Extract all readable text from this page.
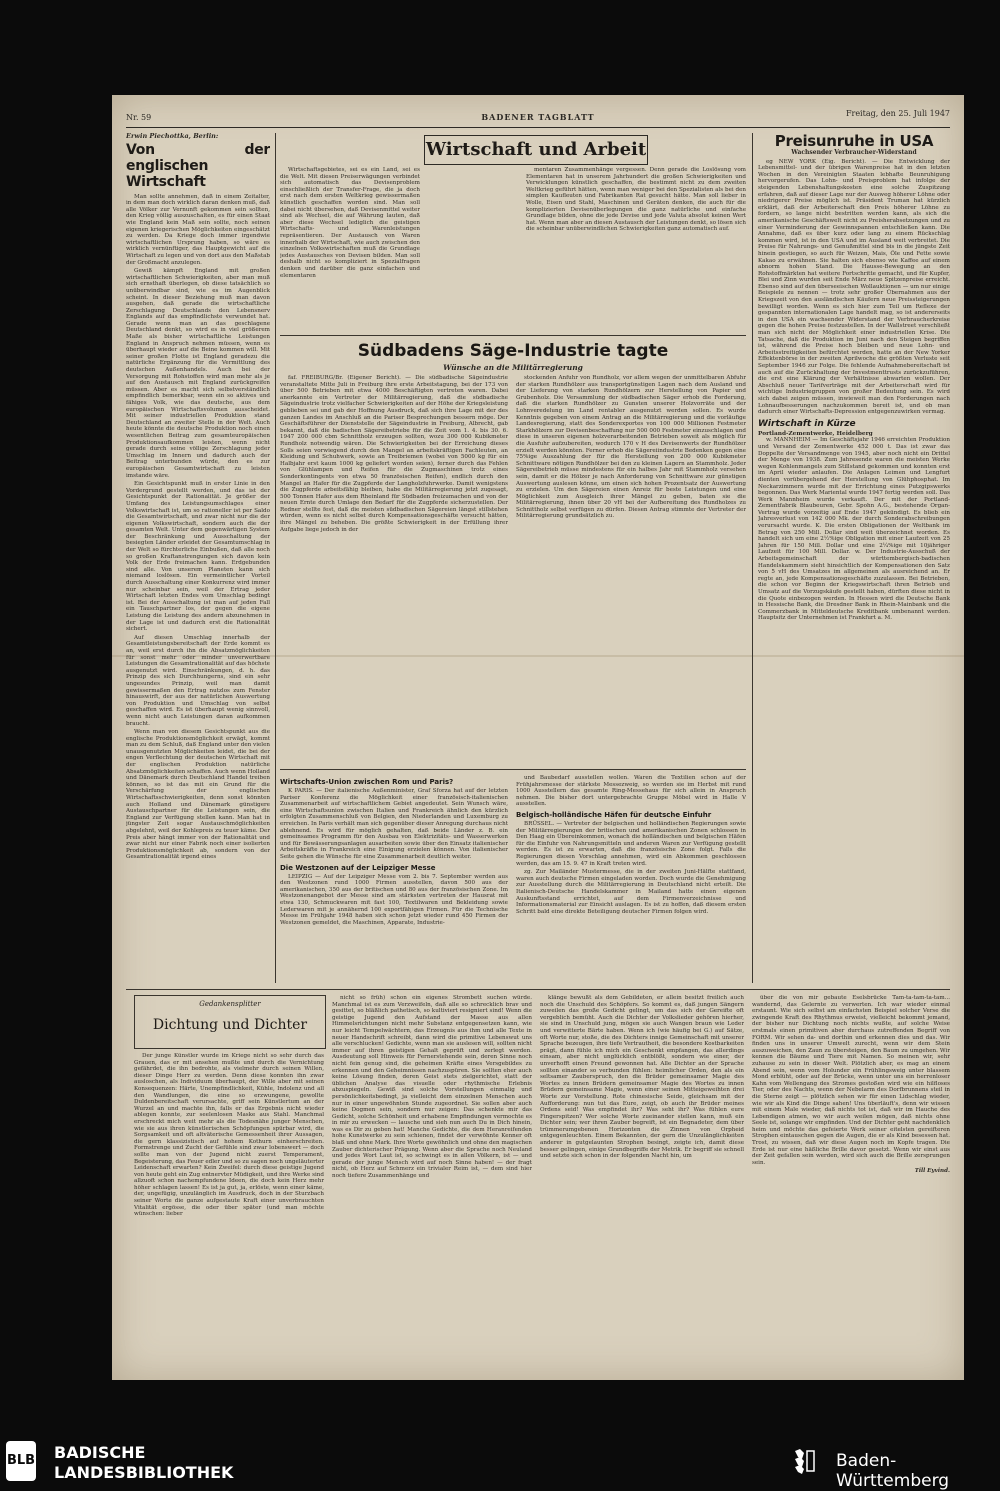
Nr. 59	BADENER TAGBLATT	Freitag, den 25. Juli 1947
Erwin Piechottka, Berlin:
Von der englischen Wirtschaft

Man sollte annehmen, daß in einem Zeitalter, in dem man doch wirklich daran denken muß, daß alle Völker zur Vernunft gekommen sein sollten, den Krieg völlig auszuschalten, es für einen Staat wie England kein Maß sein sollte, noch seinen eigenen kriegerischen Möglichkeiten eingeschätzt zu werden. Da Kriege doch immer irgendwie wirtschaftlichen Ursprung haben, so wäre es wirklich vernünftiger, das Hauptgewicht auf die Wirtschaft zu legen und von dort aus den Maßstab der Großmacht anzulegen.

Gewiß kämpft England mit großen wirtschaftlichen Schwierigkeiten, aber man muß sich ernsthaft überlegen, ob diese tatsächlich so unüberwindbar sind, wie es im Augenblick scheint. In dieser Beziehung muß man davon ausgehen, daß gerade die wirtschaftliche Zerschlagung Deutschlands den Lebensnerv Englands auf das empfindlichste verwundet hat. Gerade wenn man an das geschlagene Deutschland denkt, so wird es in viel größerem Maße als bisher wirtschaftliche Leistungen England in Anspruch nehmen müssen, wenn es überhaupt wieder auf die Beine kommen will. Mit seiner großen Flotte ist England geradezu die natürliche Ergänzung für die Vermittlung des deutschen Außenhandels. Auch bei der Versorgung mit Rohstoffen wird man mehr als je auf den Austausch mit England zurückgreifen müssen. Aber es macht sich selbstverständlich empfindlich bemerkbar, wenn ein so aktives und fähiges Volk, wie das deutsche, aus dem europäischen Wirtschaftsvolumen ausscheidet. Mit seiner industriellen Produktion stand Deutschland an zweiter Stelle in der Welt. Auch heute könnte die deutsche Produktion noch einen wesentlichen Beitrag zum gesamteuropäischen Produktionsaufkommen leisten, wenn nicht gerade durch seine völlige Zerschlagung jeder Umschlag im Innern und dadurch auch der Beitrag unterbunden würde, den es zur europäischen Gesamtwirtschaft zu leisten imstande wäre.

Ein Gesichtspunkt muß in erster Linie in den Vordergrund gestellt werden, und das ist der Gesichtspunkt der Rationalität. Je größer der Umfang des Leistungsumschlages einer Volkswirtschaft ist, um so rationeller ist per Saldo die Gesamtwirtschaft, und zwar nicht nur die der eigenen Volkswirtschaft, sondern auch die der gesamten Welt. Unter dem gegenwärtigen System der Beschränkung und Ausschaltung der besiegten Länder erleidet der Gesamtumschlag in der Welt so fürchterliche Einbußen, daß alle noch so großen Kraftanstrengungen sich davon kein Volk der Erde freimachen kann. Erdgebunden sind alle. Von unserem Planeten kann sich niemand loslösen. Ein vermeintlicher Vorteil durch Ausschaltung einer Konkurrenz wird immer nur scheinbar sein, weil der Ertrag jeder Wirtschaft letzten Endes vom Umschlag bedingt ist. Bei der Ausschaltung ist man auf jeden Fall ein Tauschpartner los, der gegen die eigene Leistung die Leistung des andern abzunehmen in der Lage ist und dadurch erst die Rationalität sichert.

Auf diesen Umschlag innerhalb der Gesamtleistungsbereitschaft der Erde kommt es an, weil erst durch ihn die Absatzmöglichkeiten für sonst mehr oder minder unverwertbare Leistungen die Gesamtrationalität auf das höchste ausgenutzt wird. Einschränkungen, d. h. das Prinzip des sich Durchhungerns, sind ein sehr ungesundes Prinzip, weil man damit gewissermaßen den Ertrag nutzlos zum Fenster hinauswirft, der aus der natürlichen Auswertung von Produktion und Umschlag von selbst geschaffen wird. Es ist überhaupt wenig sinnvoll, wenn nicht auch Leistungen daran aufkommen braucht.

Wenn man von diesem Gesichtspunkt aus die englische Produktionsmöglichkeit erwägt, kommt man zu dem Schluß, daß England unter den vielen unausgenutzten Möglichkeiten leidet, die bei der engen Verflechtung der deutschen Wirtschaft mit der englischen Produktion natürliche Absatzmöglichkeiten schaffen. Auch wenn Holland und Dänemark durch Deutschland Handel treiben können, so ist das mit ein Grund für die Verschärfung der englischen Wirtschaftsschwierigkeiten, denn sonst könnten auch Holland und Dänemark günstigere Austauschpartner für die Leistungen sein, die England zur Verfügung stellen kann. Man hat in jüngster Zeit sogar Austauschmöglichkeiten abgelehnt, weil der Kohlepreis zu teuer käme. Der Preis aber hängt immer von der Rationalität und zwar nicht nur einer Fabrik noch einer isolierten Produktionsmöglichkeit ab, sondern von der Gesamtrationalität irgend eines

Wirtschaft und Arbeit

Wirtschaftsgebietes, sei es ein Land, sei es die Welt. Mit diesen Preiserwägungen verbindet sich automatisch das Devisenproblem einschließlich der Transfer-Frage, die ja doch erst nach dem ersten Weltkrieg gewissermaßen künstlich geschaffen worden sind. Man soll dabei nicht übersehen, daß Devisenmittel weiter sind als Wechsel, die auf Währung lauten, daß aber diese Wechsel lediglich die geistigen Wirtschafts- und Warenleistungen repräsentieren. Der Austausch von Waren innerhalb der Wirtschaft, wie auch zwischen den einzelnen Volkswirtschaften muß die Grundlage jedes Austausches von Devisen bilden. Man soll deshalb nicht so kompliziert in Spezialfragen denken und darüber die ganz einfachen und elementaren

mentaren Zusammenhänge vergessen. Denn gerade die Loslösung vom Elementaren hat in unserem Jahrhundert die großen Schwierigkeiten und Verwicklungen künstlich geschaffen, die bestimmt nicht zu dem zweiten Weltkrieg geführt hätten, wenn man weniger bei den Spezialisten als bei den simplen Kaufleuten und Fabrikanten Rat gesucht hätte. Man soll lieber in Wolle, Eisen und Stahl, Maschinen und Geräten denken, die auch für die komplizierten Devisenüberlegungen die ganz natürliche und einfache Grundlage bilden, ohne die jede Devise und jede Valuta absolut keinen Wert hat. Wenn man aber an diesen Austausch der Leistungen denkt, so lösen sich die scheinbar unüberwindlichen Schwierigkeiten ganz automatisch auf.

Südbadens Säge-Industrie tagte
Wünsche an die Militärregierung

faf. FREIBURG/Br. (Eigener Bericht). — Die südbadische Sägeindustrie veranstaltete Mitte Juli in Freiburg ihre erste Arbeitstagung, bei der 173 von über 500 Betrieben mit etwa 4000 Beschäftigten vertreten waren. Dabei anerkannte ein Vertreter der Militärregierung, daß die südbadische Sägeindustrie trotz vielfacher Schwierigkeiten auf der Höhe der Kriegsleistung geblieben sei und gab der Hoffnung Ausdruck, daß sich ihre Lage mit der des ganzen Landes im Anschluß an die Pariser Besprechungen bessern möge. Der Geschäftsführer der Dienststelle der Sägeindustrie in Freiburg, Albrecht, gab bekannt, daß die badischen Sägereibetriebe für die Zeit vom 1. 4. bis 30. 6. 1947 200 000 cbm Schnittholz erzeugen sollten, wozu 300 000 Kubikmeter Rundholz notwendig wären. Die Schwierigkeiten bei der Erreichung dieses Solls seien vorwiegend durch den Mangel an arbeitskräftigen Fachleuten, an Kleidung und Schuhwerk, sowie an Treibriemen (wobei von 5000 kg für ein Halbjahr erst kaum 1000 kg geliefert worden seien), ferner durch das Fehlen von Glühlampen und Reifen für die Zugmaschinen trotz eines Sonderkontingents von etwa 50 französischen Reifen), endlich durch den Mangel an Hafer für die Zugpferde der Langholzfuhrwerke. Damit wenigstens die Zugpferde arbeitsfähig bleiben, habe die Militärregierung jetzt zugesagt, 500 Tonnen Hafer aus dem Rheinland für Südbaden freizumachen und von der neuen Ernte durch Umlage den Bedarf für die Zugpferde sicherzustellen. Der Redner stellte fest, daß die meisten südbadischen Sägereien längst stillstehen würden, wenn es nicht selbst durch Kompensationsgeschäfte versucht hätten, ihre Mängel zu beheben. Die größte Schwierigkeit in der Erfüllung ihrer Aufgabe liege jedoch in der

stockenden Anfuhr von Rundholz, vor allem wegen der unmittelbaren Abfuhr der starken Rundhölzer aus transportgünstigen Lagen nach dem Ausland und der Lieferung von starken Rundhölzern zur Herstellung von Papier und Grubenholz. Die Versammlung der südbadischen Säger erhob die Forderung, daß die starken Rundhölzer zu Gunsten unserer Holzvorräte und der Lohnveredelung im Land rentabler ausgenutzt werden sollen. Es wurde Kenntnis gegeben von einem Antrag an die Militärregierung und die vorläufige Landesregierung, statt des Sonderexportes von 100 000 Millionen Festmeter Starkhölzern zur Devisenbeschaffung nur 500 000 Festmeter einzuschlagen und diese in unseren eigenen holzverarbeitenden Betrieben soweit als möglich für die Ausfuhr aufzubereiten, wodurch 170 v H des Devisenwerts der Rundhölzer erzielt werden könnten. Ferner erhob die Sägereiindustrie Bedenken gegen eine 75%ige Auszahlung der für die Herstellung von 200 000 Kubikmeter Schnittware nötigen Rundhölzer bei den zu kleinen Lagern an Stammholz. Jeder Sägereibetrieb müsse mindestens für ein halbes Jahr mit Stammholz versehen sein, damit er die Hölzer je nach Anforderung von Schnittware zur günstigen Auswertung auslesen könne, um einen sich hohen Prozentsatz der Auswertung zu erzielen. Um den Sägereien einen Anreiz für beste Leistungen und eine Möglichkeit zum Ausgleich ihrer Mängel zu geben, baten sie die Militärregierung, ihnen über 20 vH bei der Aufbereitung des Rundholzes zu Schnittholz selbst verfügen zu dürfen. Diesen Antrag stimmte der Vertreter der Militärregierung grundsätzlich zu.

Wirtschafts-Union zwischen Rom und Paris?

K PARIS. — Der italienische Außenminister, Graf Sforza hat auf der letzten Pariser Konferenz die Möglichkeit einer französisch-italienischen Zusammenarbeit auf wirtschaftlichem Gebiet angedeutet. Sein Wunsch wäre, eine Wirtschaftsunion zwischen Italien und Frankreich ähnlich den kürzlich erfolgten Zusammenschluß von Belgien, den Niederlanden und Luxemburg zu erreichen. In Paris verhält man sich gegenüber dieser Anregung durchaus nicht ablehnend. Es wird für möglich gehalten, daß beide Länder z. B. ein gemeinsames Programm für den Ausbau von Elektrizitäts- und Wasserwerken und für Bewässerungsanlagen ausarbeiten sowie über den Einsatz italienischer Arbeitskräfte in Frankreich eine Einigung erzielen können. Von italienischer Seite gehen die Wünsche für eine Zusammenarbeit deutlich weiter.

Die Westzonen auf der Leipziger Messe

LEIPZIG — Auf der Leipziger Messe vom 2. bis 7. September werden aus den Westzonen rund 1000 Firmen ausstellen, davon 500 aus der amerikanischen, 350 aus der britischen und 80 aus der französischen Zone. Im Westzonenangebot der Messe sind am stärksten vertreten der Hausrat mit etwa 130, Schmuckwaren mit fast 100, Textilwaren und Bekleidung sowie Lederwaren mit je annähernd 100 exportfähigen Firmen. Für die Technische Messe im Frühjahr 1948 haben sich schon jetzt wieder rund 450 Firmen der Westzonen gemeldet, die Maschinen, Apparate, Industrie-

und Baubedarf ausstellen wollen. Waren die Textilien schon auf der Frühjahrsmesse der stärkste Messezweig, so werden sie im Herbst mit rund 1000 Ausstellern das gesamte Ring-Messehaus für sich allein in Anspruch nehmen. Die bisher dort untergebrachte Gruppe Möbel wird in Halle V ausstellen.

Belgisch-holländische Häfen für deutsche Einfuhr

BRÜSSEL. — Vertreter der belgischen und holländischen Regierungen sowie der Militärregierungen der britischen und amerikanischen Zonen schlossen in Den Haag ein Übereinkommen, wonach die holländischen und belgischen Häfen für die Einfuhr von Nahrungsmitteln und anderen Waren zur Verfügung gestellt werden. Es ist zu erwarten, daß die französische Zone folgt. Falls die Regierungen diesen Vorschlag annehmen, wird ein Abkommen geschlossen werden, das am 15. 9. 47 in Kraft treten wird.

zg. Zur Mailänder Mustermesse, die in der zweiten Juni-Hälfte stattfand, waren auch deutsche Firmen eingeladen worden. Doch wurde die Genehmigung zur Ausstellung durch die Militärregierung in Deutschland nicht erteilt. Die Italienisch-Deutsche Handelskammer in Mailand hatte einen eigenen Auskunftsstand errichtet, auf dem Firmenverzeichnisse und Informationsmaterial zur Einsicht auslagen. Es ist zu hoffen, daß diesem ersten Schritt bald eine direkte Beteiligung deutscher Firmen folgen wird.

Preisunruhe in USA
Wachsender Verbraucher-Widerstand

eg NEW YORK (Eig. Bericht). — Die Entwicklung der Lebensmittel- und der übrigen Warenpreise hat in den letzten Wochen in den Vereinigten Staaten lebhafte Beunruhigung hervorgerufen. Das Lohn- und Preisproblem hat infolge der steigenden Lebenshaltungskosten eine solche Zuspitzung erfahren, daß auf dieser Lage nur der Ausweg höherer Löhne oder niedrigerer Preise möglich ist. Präsident Truman hat kürzlich erklärt, daß der Arbeiterschaft den Preis höherer Löhne zu fordern, so lange nicht bestritten werden kann, als sich die amerikanische Geschäftswelt nicht zu Preisherabsetzungen und zu einer Verminderung der Gewinnspannen entschließen kann. Die Annahme, daß es über kurz oder lang zu einem Rückschlag kommen wird, ist in den USA und im Ausland weit verbreitet. Die Preise für Nahrungs- und Genußmittel sind bis in die jüngste Zeit hinein gestiegen, so auch für Weizen, Mais, Öle und Fette sowie Kakao zu erwähnen. Sie halten sich ebenso wie Kaffee auf einem abnorm hohen Stand. Die Hausse-Bewegung an den Rohstoffmärkten hat weitere Fortschritte gemacht, und für Kupfer, Blei und Zinn wurden seit Ende März neue Spitzenpreise erreicht. Ebenso sind auf den überseeischen Wollauktionen — um nur einige Beispiele zu nennen — trotz sehr großer Übernahmen aus der Kriegszeit von den ausländischen Käufern neue Preissteigerungen bewilligt worden. Wenn es sich hier zum Teil um Reflexe der gespannten internationalen Lage handelt mag, so ist andererseits in den USA ein wachsender Widerstand der Verbraucherkreise gegen die hohen Preise festzustellen. In der Wallstreet verschließt man sich nicht der Möglichkeit einer industriellen Krise. Die Tatsache, daß die Produktion im Juni nach den Steigen begriffen ist, während die Preise hoch bleiben und neue Lohn- und Arbeitsstreitigkeiten befürchtet werden, hatte an der New Yorker Effektenbörse in der zweiten Aprilwoche die größten Verluste seit September 1946 zur Folge. Die fehlende Aufnahmebereitschaft ist auch auf die Zurückhaltung der Investmenttrusts zurückzuführen, die erst eine Klärung der Verhältnisse abwarten wollen. Der Abschluß neuer Tarifverträge mit der Arbeiterschaft wird für wichtige Industriegruppen von großer Bedeutung sein. Es wird sich dabei zeigen müssen, inwieweit man den Forderungen nach Lohnaufbesserungen nachzukommen bereit ist, und ob man dadurch einer Wirtschafts-Depression entgegenzuwirken vermag.

Wirtschaft in Kürze
Portland-Zementwerke, Heidelberg

w. MANNHEIM — Im Geschäftsjahr 1946 erreichten Produktion und Versand der Zementwerke 452 000 t. Das ist zwar das Doppelte der Versandmenge von 1945, aber noch nicht ein Drittel der Menge von 1938. Zum Jahresende waren die meisten Werke wegen Kohlenmangels zum Stillstand gekommen und konnten erst im April wieder anlaufen. Die Anlagen Leimen und Lengfurt dienten vorübergehend der Herstellung von Glühphosphat. Im Neckarzimmern wurde mit der Errichtung eines Putzgipswerks begonnen. Das Werk Mariental wurde 1947 fertig werden soll. Das Werk Mannheim wurde verkauft. Der mit der Portland-Zementfabrik Blaubeuren, Gebr. Spohn A.G., bestehende Organ-Vertrag wurde vorzeitig auf Ende 1947 gekündigt. Es blieb ein Jahresverlust von 142 000 Mk. der durch Sonderabschreibungen verursacht wurde. K. Die ersten Obligationen der Weltbank im Betrag von 250 Mill. Dollar sind weit überzeichnet worden. Es handelt sich um eine 2½%ige Obligation mit einer Laufzeit von 25 Jahren für 150 Mill. Dollar und eine 2¼%ige mit 10jähriger Laufzeit für 100 Mill. Dollar. w. Der Industrie-Ausschuß der Arbeitsgemeinschaft der württembergisch-badischen Handelskammern sieht hinsichtlich der Kompensationen den Satz von 5 vH des Umsatzes im allgemeinen als ausreichend an. Er regte an, jede Kompensationsgeschäfte zuzulassen. Bei Betrieben, die schon vor Beginn der Kriegswirtschaft ihren Betrieb und Umsatz auf die Vorzugskäufe gestellt haben, dürften diese nicht in die Quote einbezogen werden. In Hessen wird die Deutsche Bank in Hessische Bank, die Dresdner Bank in Rhein-Mainbank und die Commerzbank in Mitteldeutsche Kreditbank umbenannt werden. Hauptsitz der Unternehmen ist Frankfurt a. M.

Gedankensplitter
Dichtung und Dichter

Der junge Künstler wurde im Kriege nicht so sehr durch das Grauen, das er mit ansehen mußte und durch die Vernichtung gefährdet, die ihn bedrohte, als vielmehr durch seinen Willen, dieser Dinge Herr zu werden. Denn diese konnten ihn zwar ausloschen, als Individuum überhaupt, der Wille aber mit seinen Konsequenzen: Härte, Unempfindlichkeit, Kühle, Indolenz und all den Wandlungen, die eine so erzwungene, gewollte Duldenbereitschaft verursachte, griff sein Künstlertum an der Wurzel an und machte ihn, falls er das Ergebnis nicht wieder ablegen konnte, zur seelenlosen Maske aus Stahl. Manchmal erschreckt mich weit mehr als die Todesnähe junger Menschen, wie sie aus ihren künstlerischen Schöpfungen spürbar wird, die Sorgsamkeit und oft altväterische Gemessenheit ihrer Aussagen, die gern klassizistisch auf hohem Kothurn einherschreiten. Formstrenge und Zucht der Gefühle sind zwar lobenswert — doch sollte man von der Jugend nicht zuerst Temperament, Begeisterung, das Feuer edler und so zu sagen noch ungeläuterter Leidenschaft erwarten? Kein Zweifel: durch diese geistige Jugend von heute geht ein Zug entnervter Müdigkeit, und ihre Werke sind allzuoft schon nachempfundene Ideen, die doch kein Herz mehr höher schlagen lassen! Es ist ja gut, ja, erlöste, wenn einer käme, der, ungefügig, unzulänglich im Ausdruck, doch in der Sturzbach seiner Worte die ganze aufgestaute Kraft einer unverbrauchten Vitalität ergösse, die oder über später (und man möchte wünschen: lieber

nicht so früh) schon ein eigenes Strombett suchen würde. Manchmal ist es zum Verzweifeln, daß alle so schrecklich brav und gesittet, so bläßlich pathetisch, so kultiviert resigniert sind! Wenn die geistige Jugend den Aufstand der Masse aus allen Himmelsrichtungen nicht mehr Substanz entgegensetzen kann, wie nur leicht Tempelwächtern, das Erzeugnis aus ihm und alle Texte in neuer Handschrift schreibt, dann wird die primitive Lebenswut uns alle verschlucken! Gedichte, wenn man sie auslesen will, sollten nicht immer auf ihren geistigen Gehalt geprüft und zerlegt werden. Ausdeutung soll Hinweis für Fernerstehende sein, deren Sinne noch nicht fein genug sind, die geheimen Kräfte eines Versgebildes zu erkennen und den Geheimnissen nachzuspüren. Sie sollten eher auch keine Lösung finden, deren Geist stets zielgerichtet, statt der üblichen Analyse das visuelle oder rhythmische Erlebnis abzuspiegeln. Gewiß sind solche Vorstellungen einmalig und persönlichkeitsbedingt, ja vielleicht dem einzelnen Menschen auch nur in einer ungewöhnten Stunde zugeordnet. Sie sollen aber auch keine Dogmen sein, sondern nur zeigen: Das schenkte mir das Gedicht, solche Schönheit und erhabene Empfindungen vermochte es in mir zu erwecken — lausche und sieh nun auch Du in Dich hinein, was es Dir zu geben hat! Manche Gedichte, die dem Heranreifenden hohe Kunstwerke zu sein schienen, findet der verwöhnte Kenner oft blaß und ohne Mark. Ihre Worte gewöhnlich und ohne den magischen Zauber dichterischer Prägung. Wenn aber die Sprache noch Neuland und jedes Wort Laut ist, so schwingt es in allen Völkern, ist — und gerade der junge Mensch wird auf noch Sinne haben! — der fragt nicht, ob Herz auf Schmerz ein trivialer Reim ist, — dem sind hier noch tiefere Zusammenhänge und

klänge bewußt als dem Gebildeten, er allein besitzt freilich auch noch die Unschuld des Schöpfers. So kommt es, daß jungen Sängern zuweilen das große Gedicht gelingt, um das sich der Gereifte oft vergeblich bemüht. Auch die Dichter der Volkslieder gehören hierher, sie sind in Unschuld jung, mögen sie auch Wangen braun wie Leder und verwitterte Bärte haben. Wenn ich (wie häufig bei G.) auf Sätze, oft Worte nur, stoße, die des Dichters innige Gemeinschaft mit unserer Sprache bezeugen, ihre tiefe Vertrautheit, die besondere Kostbarkeiten prägt, dann fühle ich mich ein Geschenkt empfangen, das allerdings einsam, aber nicht unglücklich entblößt, sondern wie einer, der unverhofft einen Freund gewonnen hat. Alle Dichter an der Sprache sollten einander so verbunden fühlen: heimlicher Orden, den als ein seltsamer Zauberspruch, den die Brüder gemeinsamer Magie des Wortes zu innen Brüdern gemeinsamer Magie des Wortes zu innen Brüdern gemeinsame Magie, wenn einer seinen Mitteigeweihten drei Worte zur Vorstellung. Rote chinesische Seide, gleichsam mit der Aufforderung: nun tut das Eure, zeigt, ob auch ihr Brüder meines Ordens seid! Was empfindet ihr? Was seht ihr? Was fühlen eure Fingerspitzen? Wer solche Worte zueinander stellen kann, muß ein Dichter sein; wer ihren Zauber begreift, ist ein Begnadeter, dem über trümmerumgebenen Horizonten die Zinnen von Orpheid entgegenleuchten. Einem Bekannten, der gern die Unzulänglichkeiten anderer in gutgelaunten Strophen besingt, zeigte ich, damit diese besser gelingen, einige Grundbegriffe der Metrik. Er begriff sie schnell und setzte sich schon in der folgenden Nacht hin, um

über die von mir gebaute Eselsbrücke Tam-ta-tam-ta-tam... wandernd, das Gelernte zu verwerten. Ich war wieder einmal erstaunt. Wie sich selbst am einfachsten Beispiel solcher Verse die zwingende Kraft des Rhythmus erweist, vielleicht bekommt jemand, der bisher nur Dichtung noch nichts wußte, auf solche Weise erstmals einen primitiven aber durchaus zutreffenden Begriff von FORM. Wir sehen da- und dorthin und erkennen dies und das. Wir finden uns in unserer Umwelt zurecht, wenn wir dem Stein auszuweichen, den Zaun zu übersteigen, den Baum zu umgehen. Wir kennen die Bäume und Tiere mit Namen. So meinen wir, sehr zuhause zu sein in dieser Welt. Plötzlich aber, es mag an einem Abend sein, wenn vom Holunder ein Frühlingsweig unter blassem Mond erblüht, oder auf der Brücke, wenn unter uns ein herrenloser Kahn vom Wellengang des Stromes gestoßen wird wie ein hilfloses Tier, oder des Nachts, wenn der Nebelarm des Dorfbrunnens steil in die Sterne zeigt — plötzlich sehen wir für einen Lidschlag wieder, wie wir als Kind die Dinge sahen! Uns überläuft's, denn wir wissen mit einem Male wieder, daß nichts tot ist, daß wir im Hauche des Lebendigen atmen, wo wir auch weilen mögen, daß nichts ohne Seele ist, solange wir empfinden. Und der Dichter geht nachdenklich heim und möchte das gefeierte Werk seiner eitelsten gereifteren Strophen eintauschen gegen die Augen, die er als Kind besessen hat. Trost, zu wissen, daß wir diese Augen noch im Kopfe tragen. Die Erde ist nur eine häßliche Brille davor gesetzt. Wenn wir einst aus der Zeit gefallen sein werden, wird sich auch die Brille zersprungen sein.

Till Eyvind.
BLB BADISCHE
LANDESBIBLIOTHEK
Baden-Württemberg
